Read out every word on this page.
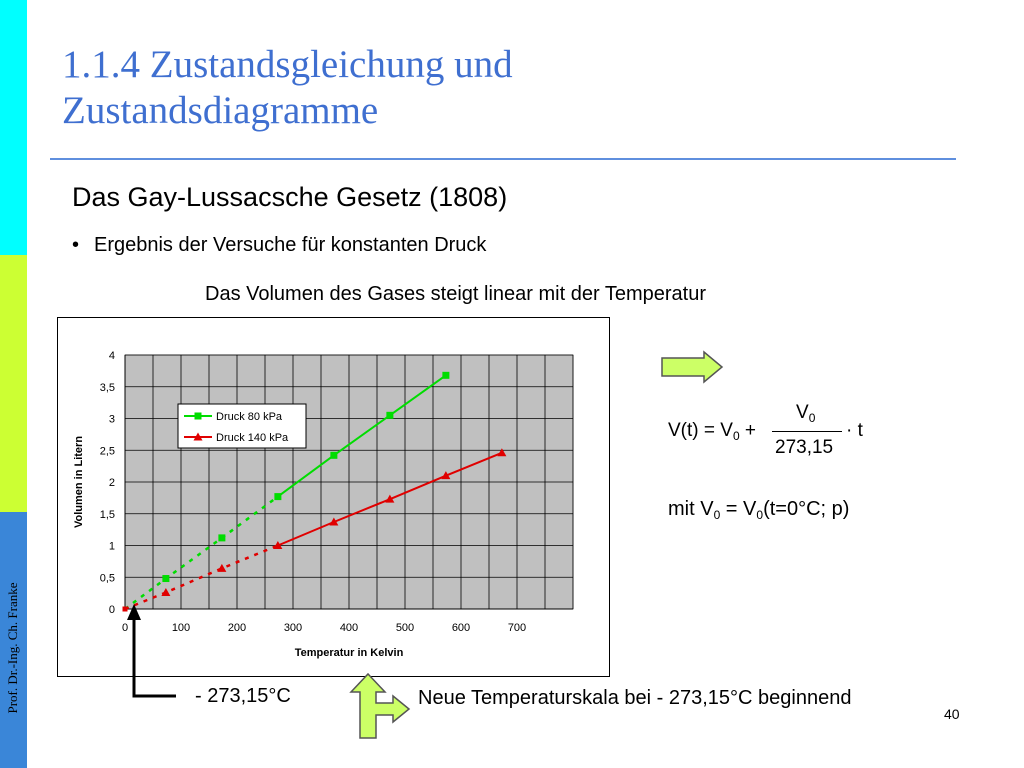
Prof. Dr.-Ing. Ch. Franke
1.1.4 Zustandsgleichung und
Zustandsdiagramme
Das Gay-Lussacsche Gesetz (1808)
• Ergebnis der Versuche für konstanten Druck
Das Volumen des Gases steigt linear mit der Temperatur
0
0,5
1
1,5
2
2,5
3
3,5
4
0	100	200	300	400	500	600	700
Druck 80 kPa
Druck 140 kPa
Temperatur in Kelvin
Volumen in Litern
$V(t) = V_0$ +
$V_0$
273,15
· t
mit $V_0 = V_0(t=0^\circ C$; p)
- 273,15°C	Neue Temperaturskala bei - 273,15°C beginnend
40
